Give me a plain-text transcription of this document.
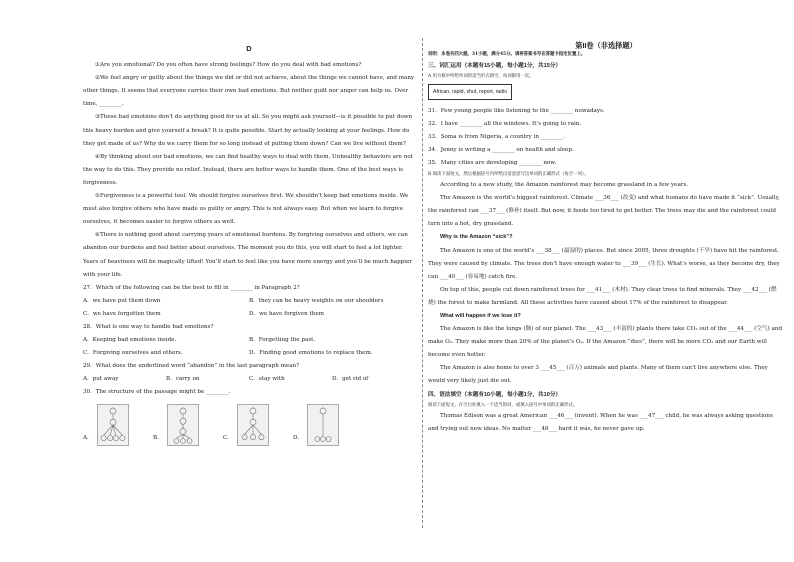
D

①Are you emotional? Do you often have strong feelings? How do you deal with bad emotions?

②We feel angry or guilty about the things we did or did not achieve, about the things we cannot have, and many other things. It seems that everyone carries their own bad emotions. But neither guilt nor anger can help us. Over time, ________.

③These bad emotions don’t do anything good for us at all. So you might ask yourself—is it possible to put down this heavy burden and give yourself a break? It is quite possible. Start by actually looking at your feelings. How do they get made of us? Why do we carry them for so long instead of putting them down? Can we live without them?

④By thinking about our bad emotions, we can find healthy ways to deal with them. Unhealthy behaviors are not the way to do this. They provide no relief. Instead, there are better ways to handle them. One of the best ways is forgiveness.

⑤Forgiveness is a powerful tool. We should forgive ourselves first. We shouldn’t keep bad emotions inside. We must also forgive others who have made us guilty or angry. This is not always easy. But when we learn to forgive ourselves, it becomes easier to forgive others as well.

⑥There is nothing good about carrying years of emotional burdens. By forgiving ourselves and others, we can abandon our burdens and feel better about ourselves. The moment you do this, you will start to feel a lot lighter. Years of heaviness will be magically lifted! You’ll start to feel like you have more energy and you’ll be much happier with your life.

27．Which of the following can be the best to fill in ________ in Paragraph 2?

A．we have put them down	B．they can be heavy weights on our shoulders
C．we have forgotten them	D．we have forgiven them

28．What is one way to handle bad emotions?

A．Keeping bad emotions inside.	B．Forgetting the past.
C．Forgiving ourselves and others.	D．Finding good emotions to replace them.

29．What does the underlined word “abandon” in the last paragraph mean?

A．put away	B．carry on	C．stay with	D．get rid of

30．The structure of the passage might be ________.

A．	B．	C．	D．
第II卷（非选择题）

说明：本卷共四大题，31小题，满分45分。请将答案书写在答题卡指定位置上。

三、词汇运用（本题有15小题，每小题1分，共15分）

A 用方框中所给单词的适当形式填空，每词限用一次。

African, rapid, shut, report, radio

31．Few young people like listening to the ________ nowadays.

32．I have ________ all the windows. It’s going to rain.

33．Soma is from Nigeria, a country in ________.

34．Jenny is writing a ________ on health and sleep.

35．Many cities are developing ________ now.

B 阅读下面短文，然后根据括号内所给汉语意思写出单词的正确形式（每空一词）。

According to a new study, the Amazon rainforest may become grassland in a few years.

The Amazon is the world’s biggest rainforest. Climate ___36___ (改变) and what humans do have made it “sick”. Usually, the rainforest can ___37___ (修补) itself. But now, it feeds too tired to get better. The trees may die and the rainforest could turn into a hot, dry grassland.

Why is the Amazon “sick”?

The Amazon is one of the world’s ___38___ (最湿的) places. But since 2005, three droughts (干旱) have hit the rainforest. They were caused by climate. The trees don’t have enough water to ___39___ (生长). What’s worse, as they become dry, they can ___40___ (容易地) catch fire.

On top of this, people cut down rainforest trees for ___41___ (木材). They clear trees to find minerals. They ___42___ (燃烧) the forest to make farmland. All these activities have caused about 17% of the rainforest to disappear.

What will happen if we lose it?

The Amazon is like the lungs (肺) of our planet. The ___43___ (丰富的) plants there take CO₂ out of the ___44___ (空气) and make O₂. They make more than 20% of the planet’s O₂. If the Amazon “dies”, there will be more CO₂ and our Earth will become even hotter.

The Amazon is also home to over 3 ___45___ (百万) animals and plants. Many of them can’t live anywhere else. They would very likely just die out.

四、语法填空（本题有10小题，每小题1分，共10分）

阅读下面短文，在空白处填入一个适当的词，或填入括号中单词的正确形式。

Thomas Edison was a great American ___46___ (invent). When he was ___47___ child, he was always asking questions and trying out new ideas. No matter ___48___ hard it was, he never gave up.
